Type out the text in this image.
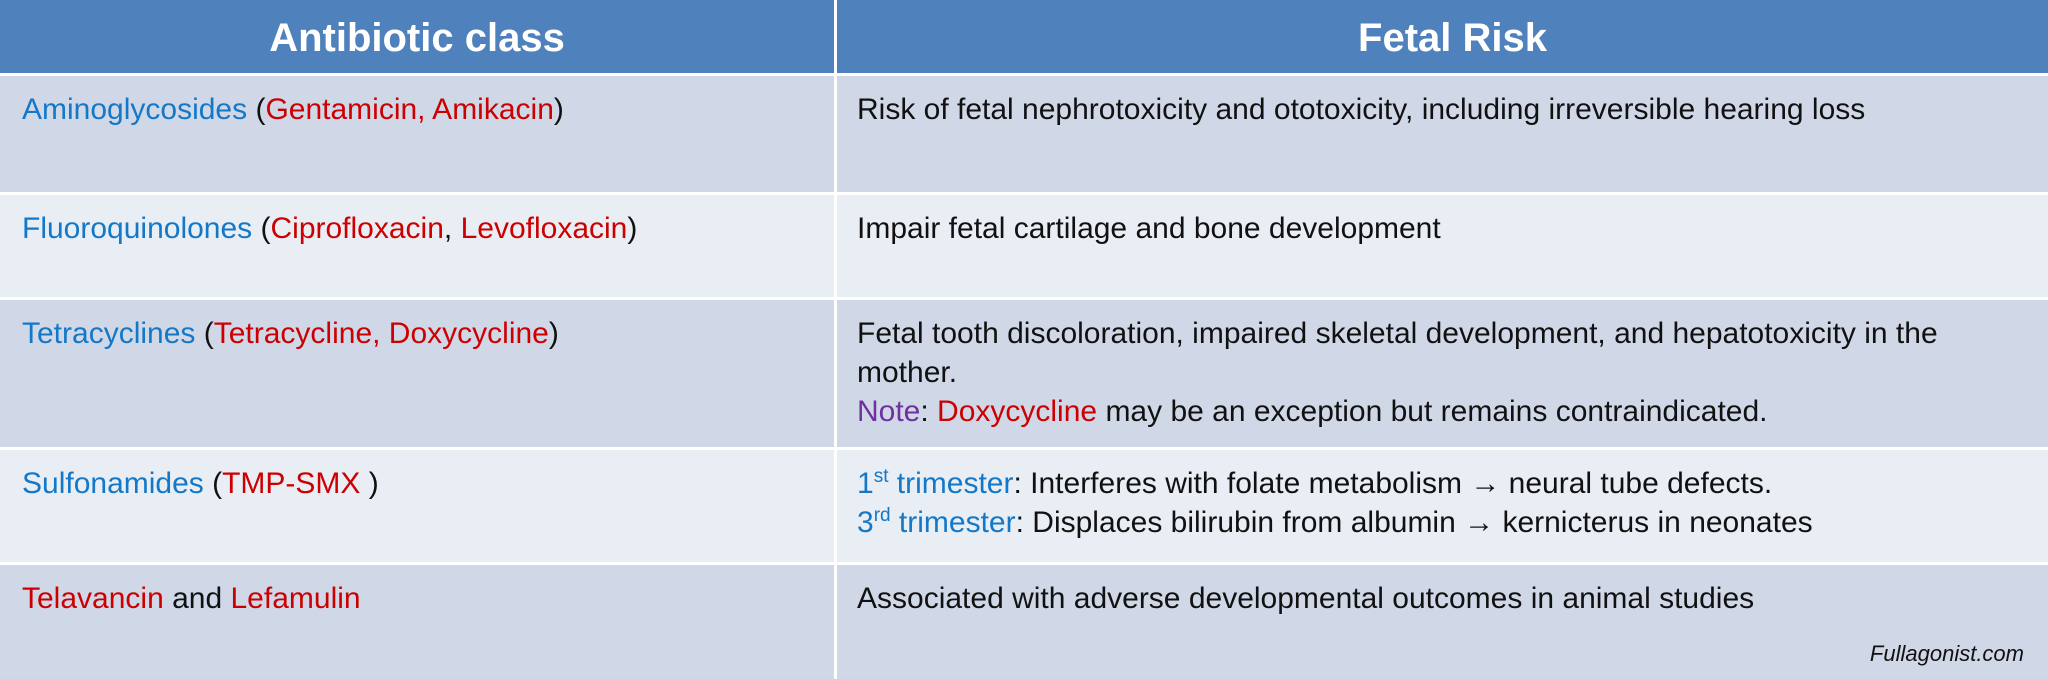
Antibiotic class	Fetal Risk
Aminoglycosides (Gentamicin, Amikacin)	Risk of fetal nephrotoxicity and ototoxicity, including irreversible hearing loss
Fluoroquinolones (Ciprofloxacin, Levofloxacin)	Impair fetal cartilage and bone development
Tetracyclines (Tetracycline, Doxycycline)	Fetal tooth discoloration, impaired skeletal development, and hepatotoxicity in the mother.
Note: Doxycycline may be an exception but remains contraindicated.
Sulfonamides (TMP-SMX )	1st trimester: Interferes with folate metabolism → neural tube defects.
3rd trimester: Displaces bilirubin from albumin → kernicterus in neonates
Telavancin and Lefamulin	Associated with adverse developmental outcomes in animal studies
Fullagonist.com
